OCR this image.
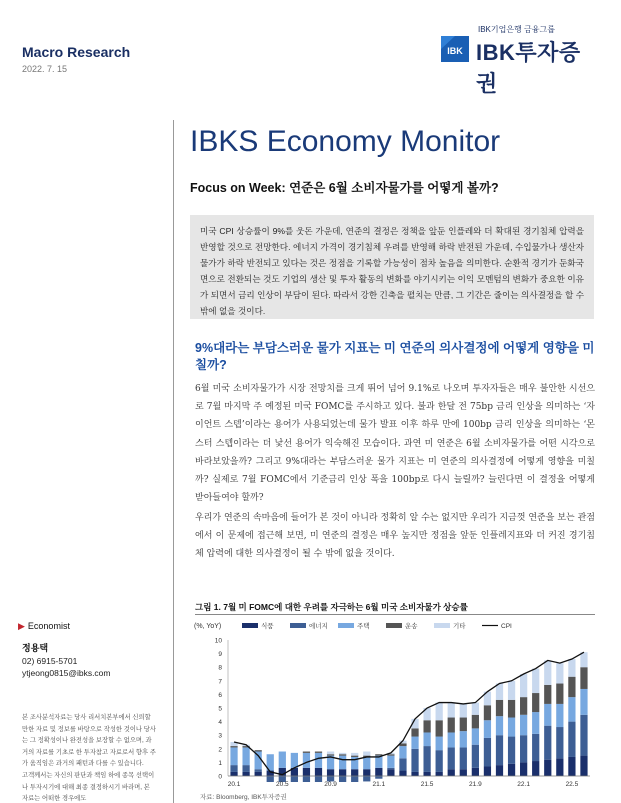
Macro Research
2022. 7. 15
IBK기업은행 금융그룹
IBK IBK투자증권
IBKS Economy Monitor
Focus on Week: 연준은 6월 소비자물가를 어떻게 볼까?
미국 CPI 상승률이 9%를 웃돈 가운데, 연준의 결정은 정책을 앞둔 인플레와 더 확대된 경기침체 압력을 반영할 것으로 전망한다. 에너지 가격이 경기침체 우려를 반영해 하락 반전된 가운데, 수입물가나 생산자물가가 하락 반전되고 있다는 것은 정점을 기록할 가능성이 점차 높음을 의미한다. 순환적 경기가 둔화국면으로 전환되는 것도 기업의 생산 및 투자 활동의 변화를 야기시키는 이익 모멘텀의 변화가 중요한 이유가 되면서 금리 인상이 부담이 된다. 따라서 강한 긴축을 펼치는 만큼, 그 기간은 줄이는 의사결정을 할 수 밖에 없을 것이다.
9%대라는 부담스러운 물가 지표는 미 연준의 의사결정에 어떻게 영향을 미칠까?
6월 미국 소비자물가가 시장 전망치를 크게 뛰어 넘어 9.1%로 나오며 투자자들은 매우 불안한 시선으로 7월 마지막 주 예정된 미국 FOMC를 주시하고 있다. 불과 한달 전 75bp 금리 인상을 의미하는 ‘자이언트 스텝’이라는 용어가 사용되었는데 물가 발표 이후 하루 만에 100bp 금리 인상을 의미하는 ‘몬스터 스텝이라는 더 낯선 용어가 익숙해진 모습이다. 과연 미 연준은 6월 소비자물가를 어떤 시각으로 바라보았을까? 그리고 9%대라는 부담스러운 물가 지표는 미 연준의 의사결정에 어떻게 영향을 미칠까? 실제로 7월 FOMC에서 기준금리 인상 폭을 100bp로 다시 늘릴까? 늘린다면 이 결정을 어떻게 받아들여야 할까?
우리가 연준의 속마음에 들어가 본 것이 아니라 정확히 알 수는 없지만 우리가 지금껏 연준을 보는 관점에서 이 문제에 접근해 보면, 미 연준의 결정은 매우 높지만 정점을 앞둔 인플레지표와 더 커진 경기침체 압력에 대한 의사결정이 될 수 밖에 없을 것이다.
▶ Economist
정용택
02) 6915-5701
ytjeong0815@ibks.com

본 조사분석자료는 당사 리서치본부에서 신뢰할 만한 자료 및 정보를 바탕으로 작성한 것이나 당사는 그 정확성이나 완전성을 보장할 수 없으며, 과거의 자료를 기초로 한 투자참고 자료로서 향후 주가 움직임은 과거의 패턴과 다를 수 있습니다.

고객께서는 자신의 판단과 책임 하에 종목 선택이나 투자시기에 대해 최종 결정하시기 바라며, 본 자료는 어떠한 경우에도

그림 1. 7월 미 FOMC에 대한 우려를 자극하는 6월 미국 소비자물가 상승률
(%, YoY)	식품	에너지	주택	운송	기타	CPI
0
1
2
3
4
5
6
7
8
9
10
20.1	20.5	20.9	21.1	21.5	21.9	22.1	22.5
자료: Bloomberg, IBK투자증권
